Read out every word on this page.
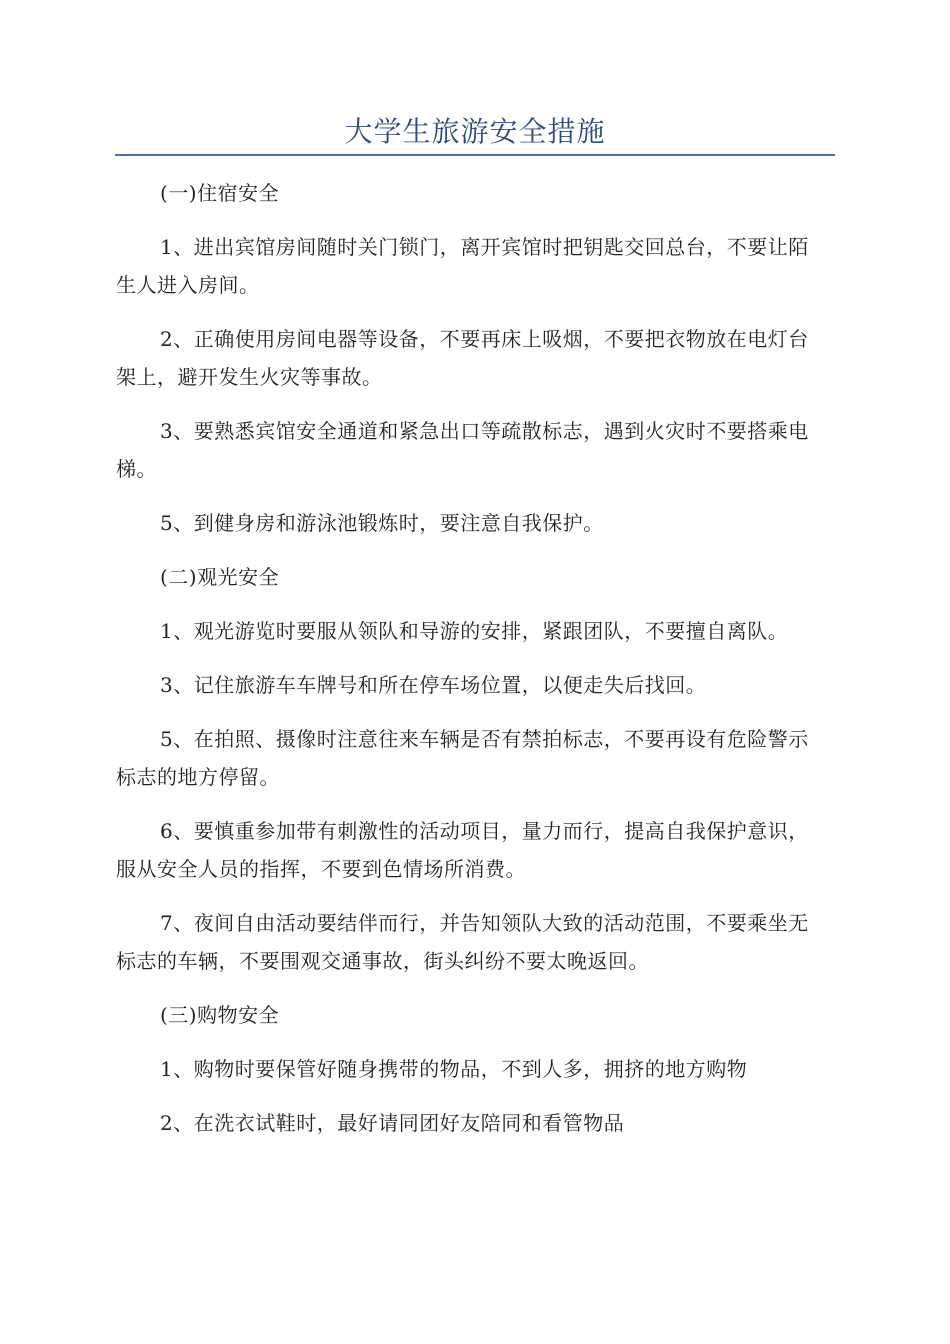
大学生旅游安全措施

(一)住宿安全

1、进出宾馆房间随时关门锁门，离开宾馆时把钥匙交回总台，不要让陌生人进入房间。

2、正确使用房间电器等设备，不要再床上吸烟，不要把衣物放在电灯台架上，避开发生火灾等事故。

3、要熟悉宾馆安全通道和紧急出口等疏散标志，遇到火灾时不要搭乘电梯。

5、到健身房和游泳池锻炼时，要注意自我保护。

(二)观光安全

1、观光游览时要服从领队和导游的安排，紧跟团队，不要擅自离队。

3、记住旅游车车牌号和所在停车场位置，以便走失后找回。

5、在拍照、摄像时注意往来车辆是否有禁拍标志，不要再设有危险警示标志的地方停留。

6、要慎重参加带有刺激性的活动项目，量力而行，提高自我保护意识，服从安全人员的指挥，不要到色情场所消费。

7、夜间自由活动要结伴而行，并告知领队大致的活动范围，不要乘坐无标志的车辆，不要围观交通事故，街头纠纷不要太晚返回。

(三)购物安全

1、购物时要保管好随身携带的物品，不到人多，拥挤的地方购物

2、在洗衣试鞋时，最好请同团好友陪同和看管物品
